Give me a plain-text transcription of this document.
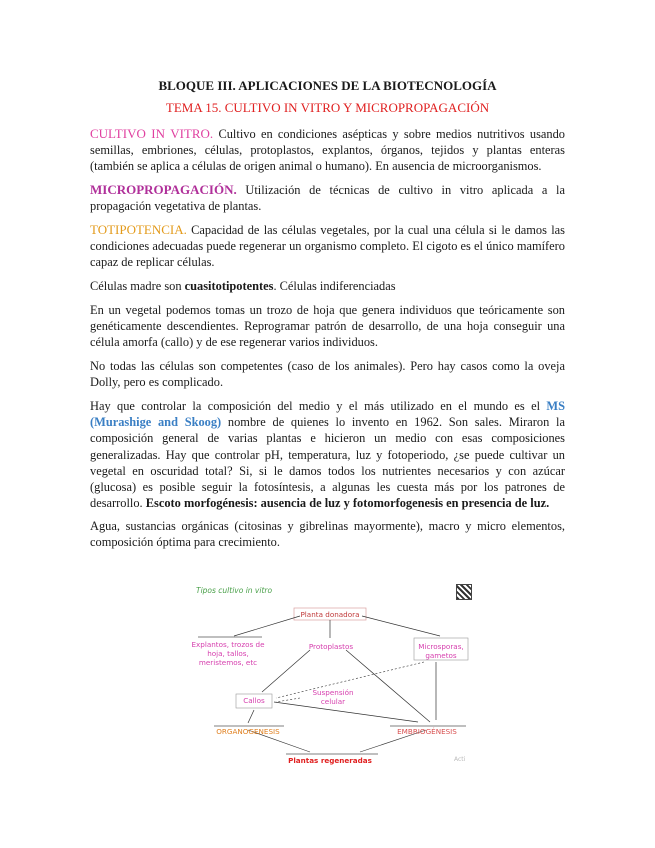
BLOQUE III. APLICACIONES DE LA BIOTECNOLOGÍA
TEMA 15. CULTIVO IN VITRO Y MICROPROPAGACIÓN
CULTIVO IN VITRO. Cultivo en condiciones asépticas y sobre medios nutritivos usando semillas, embriones, células, protoplastos, explantos, órganos, tejidos y plantas enteras (también se aplica a células de origen animal o humano). En ausencia de microorganismos.
MICROPROPAGACIÓN. Utilización de técnicas de cultivo in vitro aplicada a la propagación vegetativa de plantas.
TOTIPOTENCIA. Capacidad de las células vegetales, por la cual una célula si le damos las condiciones adecuadas puede regenerar un organismo completo. El cigoto es el único mamífero capaz de replicar células.
Células madre son cuasitotipotentes. Células indiferenciadas
En un vegetal podemos tomas un trozo de hoja que genera individuos que teóricamente son genéticamente descendientes. Reprogramar patrón de desarrollo, de una hoja conseguir una célula amorfa (callo) y de ese regenerar varios individuos.
No todas las células son competentes (caso de los animales). Pero hay casos como la oveja Dolly, pero es complicado.
Hay que controlar la composición del medio y el más utilizado en el mundo es el MS (Murashige and Skoog) nombre de quienes lo invento en 1962. Son sales. Miraron la composición general de varias plantas e hicieron un medio con esas composiciones generalizadas. Hay que controlar pH, temperatura, luz y fotoperiodo, ¿se puede cultivar un vegetal en oscuridad total? Si, si le damos todos los nutrientes necesarios y con azúcar (glucosa) es posible seguir la fotosíntesis, a algunas les cuesta más por los patrones de desarrollo. Escoto morfogénesis: ausencia de luz y fotomorfogenesis en presencia de luz.
Agua, sustancias orgánicas (citosinas y gibrelinas mayormente), macro y micro elementos, composición óptima para crecimiento.
Tipos cultivo in vitro
Planta donadora
Explantos, trozos de hoja, tallos, meristemos, etc
Protoplastos	Microsporas, gametos
Callos
Suspensión celular
ORGANOGENESIS	EMBRIOGÉNESIS
Plantas regeneradas	Acti
